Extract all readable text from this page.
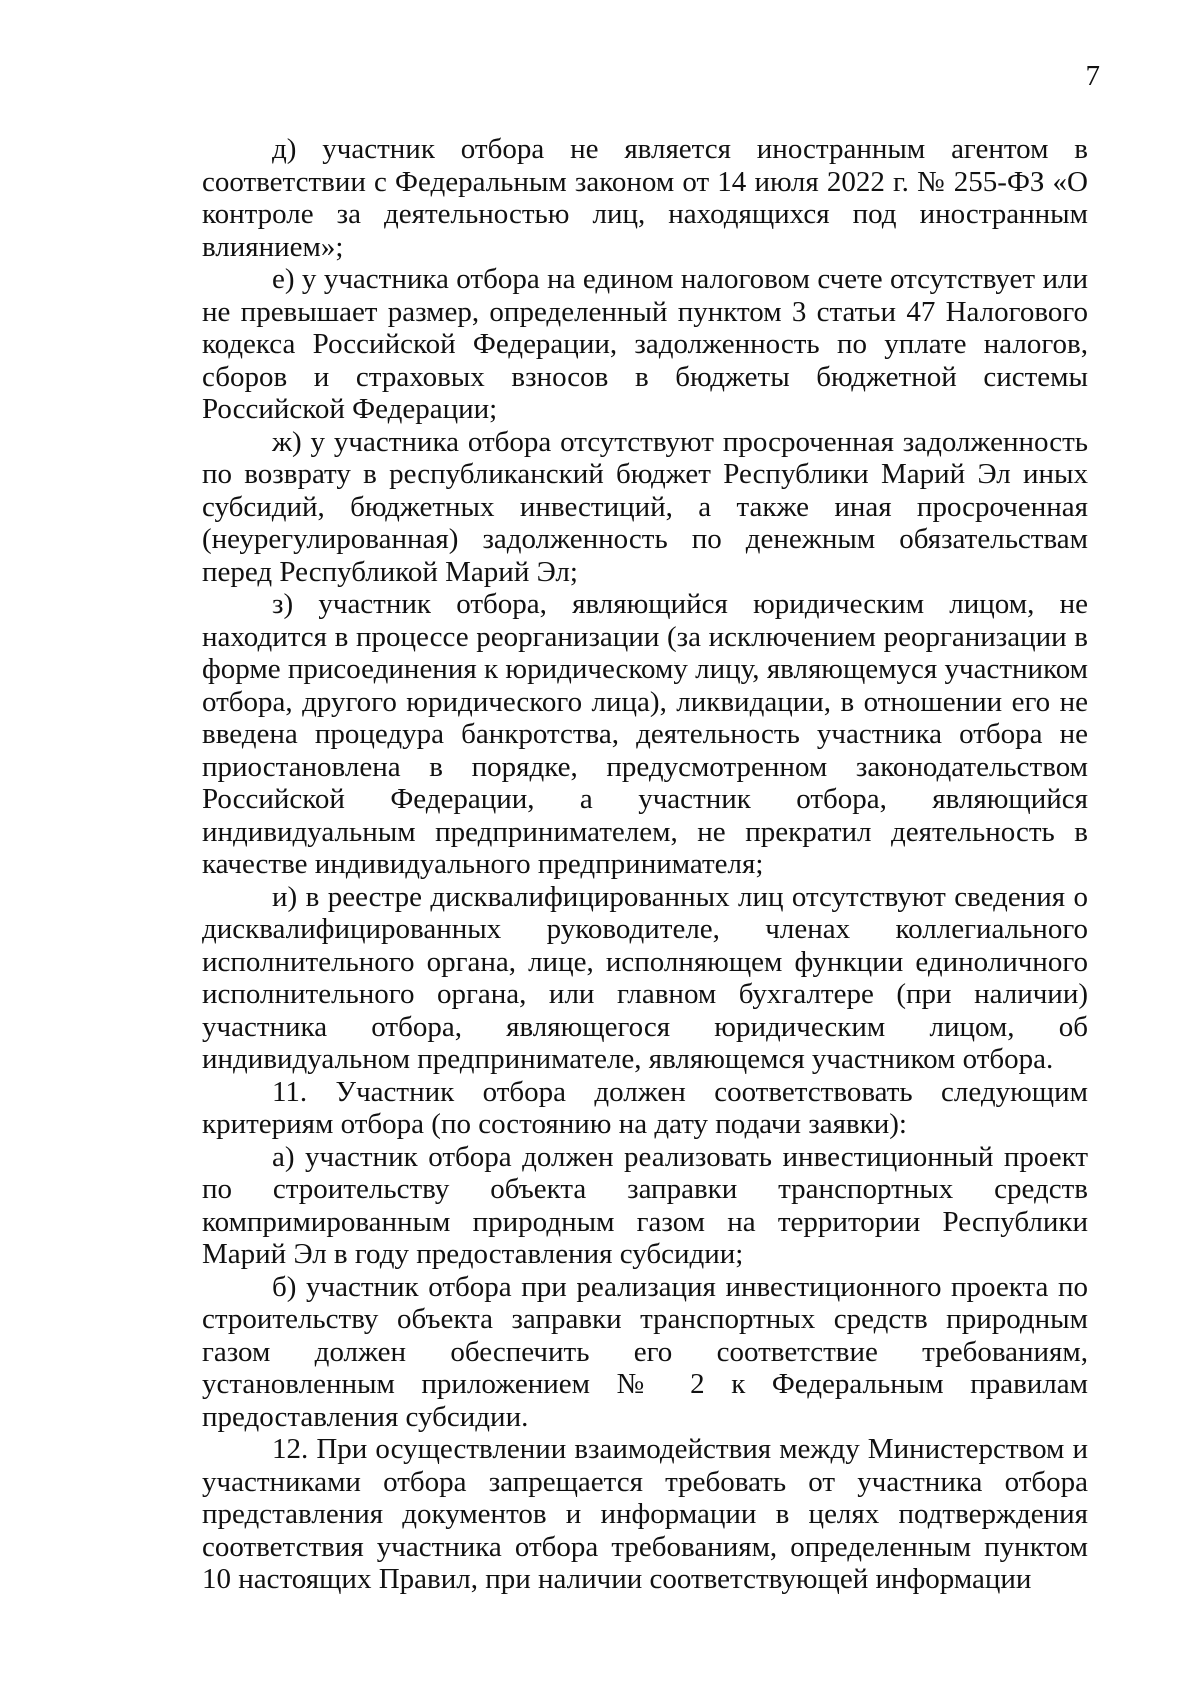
7

д) участник отбора не является иностранным агентом в соответствии с Федеральным законом от 14 июля 2022 г. № 255-ФЗ «О контроле за деятельностью лиц, находящихся под иностранным влиянием»;

е) у участника отбора на едином налоговом счете отсутствует или не превышает размер, определенный пунктом 3 статьи 47 Налогового кодекса Российской Федерации, задолженность по уплате налогов, сборов и страховых взносов в бюджеты бюджетной системы Российской Федерации;

ж) у участника отбора отсутствуют просроченная задолженность по возврату в республиканский бюджет Республики Марий Эл иных субсидий, бюджетных инвестиций, а также иная просроченная (неурегулированная) задолженность по денежным обязательствам перед Республикой Марий Эл;

з) участник отбора, являющийся юридическим лицом, не находится в процессе реорганизации (за исключением реорганизации в форме присоединения к юридическому лицу, являющемуся участником отбора, другого юридического лица), ликвидации, в отношении его не введена процедура банкротства, деятельность участника отбора не приостановлена в порядке, предусмотренном законодательством Российской Федерации, а участник отбора, являющийся индивидуальным предпринимателем, не прекратил деятельность в качестве индивидуального предпринимателя;

и) в реестре дисквалифицированных лиц отсутствуют сведения о дисквалифицированных руководителе, членах коллегиального исполнительного органа, лице, исполняющем функции единоличного исполнительного органа, или главном бухгалтере (при наличии) участника отбора, являющегося юридическим лицом, об индивидуальном предпринимателе, являющемся участником отбора.

11. Участник отбора должен соответствовать следующим критериям отбора (по состоянию на дату подачи заявки):

а) участник отбора должен реализовать инвестиционный проект по строительству объекта заправки транспортных средств компримированным природным газом на территории Республики Марий Эл в году предоставления субсидии;

б) участник отбора при реализация инвестиционного проекта по строительству объекта заправки транспортных средств природным газом должен обеспечить его соответствие требованиям, установленным приложением № 2 к Федеральным правилам предоставления субсидии.

12. При осуществлении взаимодействия между Министерством и участниками отбора запрещается требовать от участника отбора представления документов и информации в целях подтверждения соответствия участника отбора требованиям, определенным пунктом 10 настоящих Правил, при наличии соответствующей информации
